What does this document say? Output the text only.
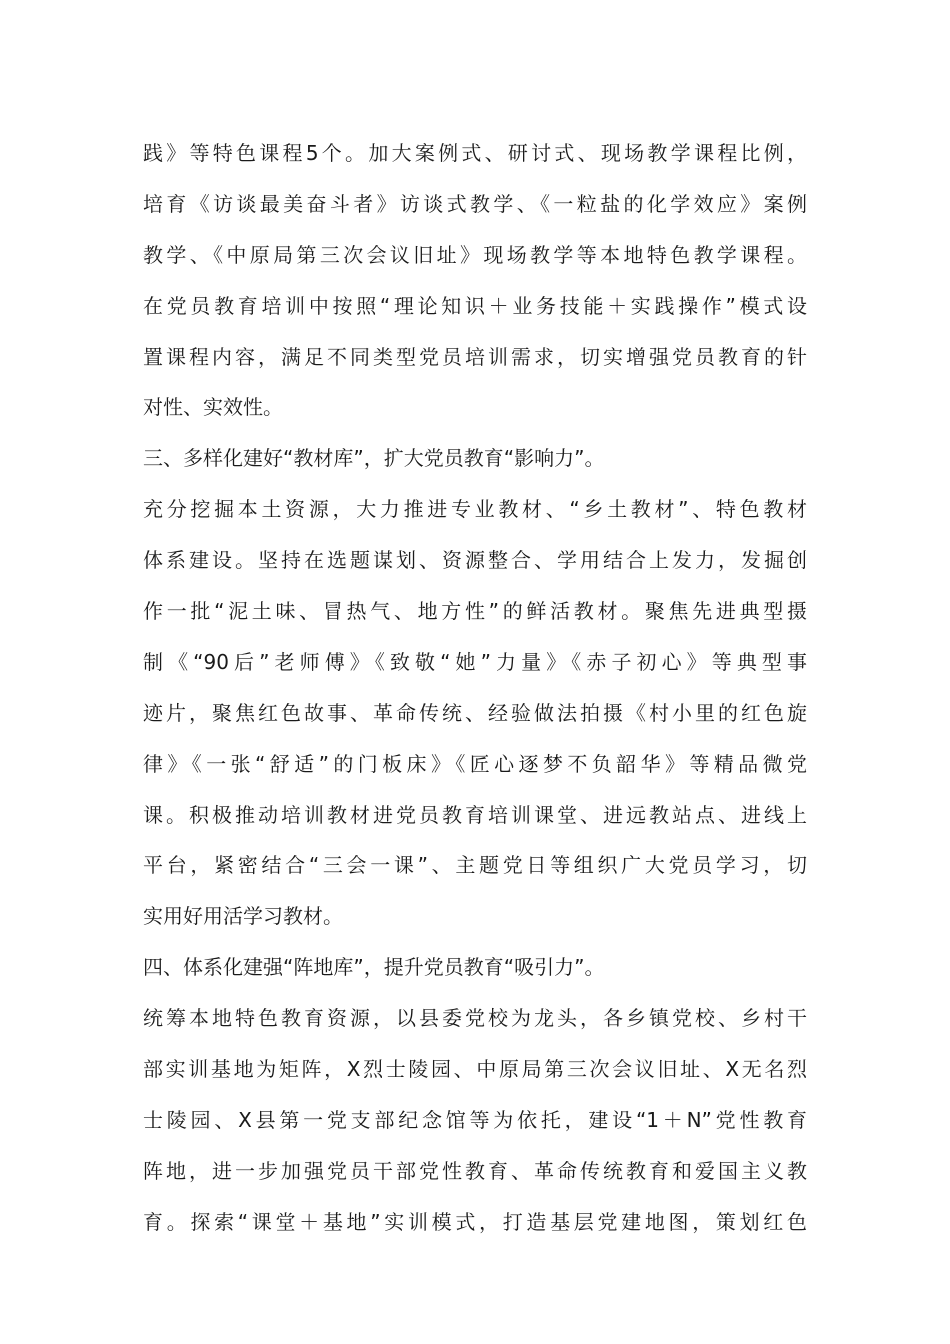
践》等特色课程5个。加大案例式、研讨式、现场教学课程比例，
培育《访谈最美奋斗者》访谈式教学、《一粒盐的化学效应》案例
教学、《中原局第三次会议旧址》现场教学等本地特色教学课程。
在党员教育培训中按照“理论知识＋业务技能＋实践操作”模式设
置课程内容，满足不同类型党员培训需求，切实增强党员教育的针
对性、实效性。
三、多样化建好“教材库”，扩大党员教育“影响力”。
充分挖掘本土资源，大力推进专业教材、“乡土教材”、特色教材
体系建设。坚持在选题谋划、资源整合、学用结合上发力，发掘创
作一批“泥土味、冒热气、地方性”的鲜活教材。聚焦先进典型摄
制《“90后”老师傅》《致敬“她”力量》《赤子初心》等典型事
迹片，聚焦红色故事、革命传统、经验做法拍摄《村小里的红色旋
律》《一张“舒适”的门板床》《匠心逐梦不负韶华》等精品微党
课。积极推动培训教材进党员教育培训课堂、进远教站点、进线上
平台，紧密结合“三会一课”、主题党日等组织广大党员学习，切
实用好用活学习教材。
四、体系化建强“阵地库”，提升党员教育“吸引力”。
统筹本地特色教育资源，以县委党校为龙头，各乡镇党校、乡村干
部实训基地为矩阵，X烈士陵园、中原局第三次会议旧址、X无名烈
士陵园、X县第一党支部纪念馆等为依托，建设“1＋N”党性教育
阵地，进一步加强党员干部党性教育、革命传统教育和爱国主义教
育。探索“课堂＋基地”实训模式，打造基层党建地图，策划红色
